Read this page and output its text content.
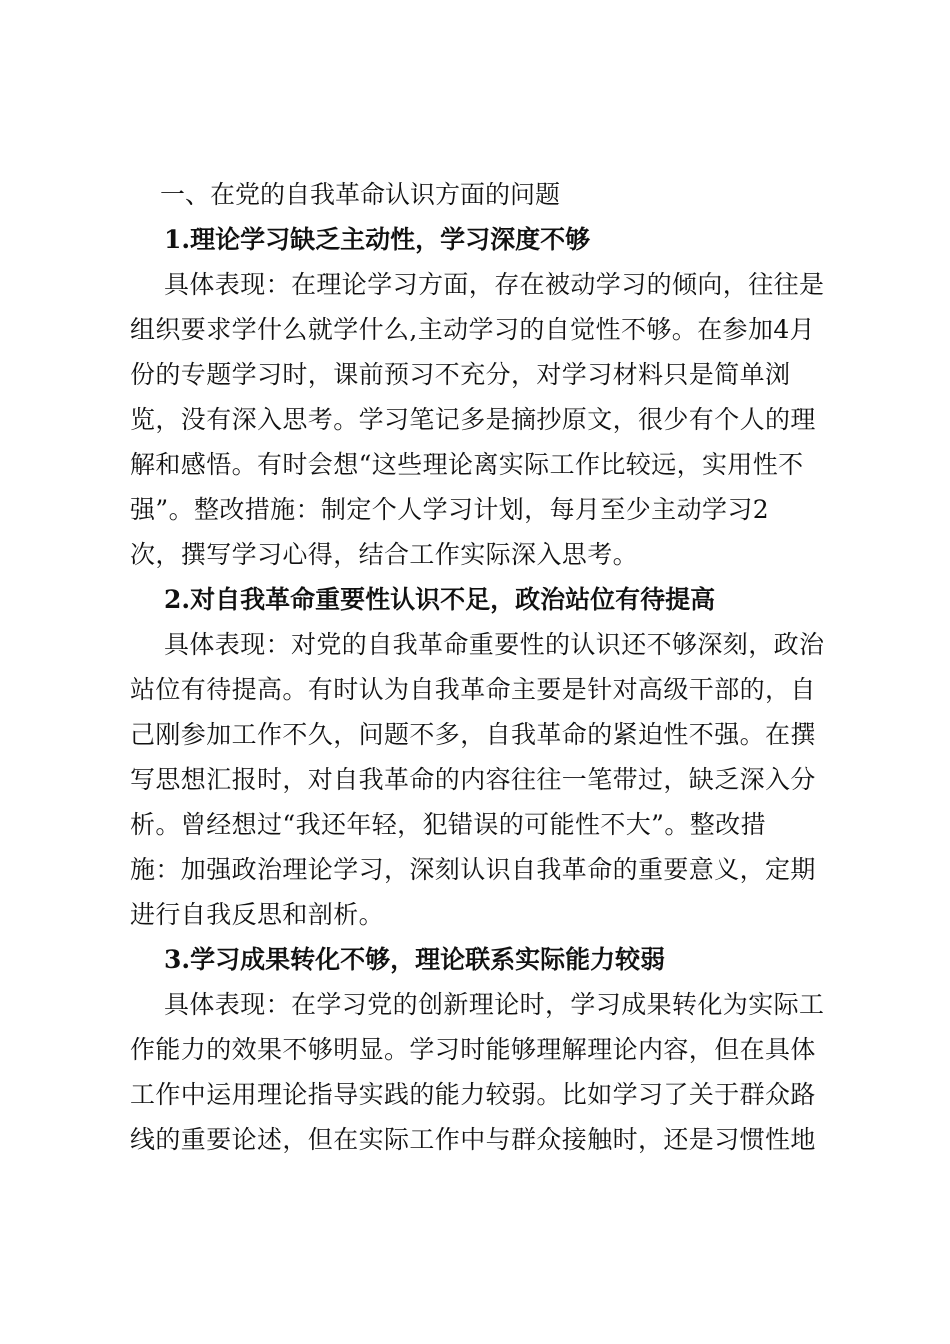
一、在党的自我革命认识方面的问题
1.理论学习缺乏主动性，学习深度不够
具体表现：在理论学习方面，存在被动学习的倾向，往往是
组织要求学什么就学什么,主动学习的自觉性不够。在参加4月
份的专题学习时，课前预习不充分，对学习材料只是简单浏
览，没有深入思考。学习笔记多是摘抄原文，很少有个人的理
解和感悟。有时会想“这些理论离实际工作比较远，实用性不
强”。整改措施：制定个人学习计划，每月至少主动学习2
次，撰写学习心得，结合工作实际深入思考。
2.对自我革命重要性认识不足，政治站位有待提高
具体表现：对党的自我革命重要性的认识还不够深刻，政治
站位有待提高。有时认为自我革命主要是针对高级干部的，自
己刚参加工作不久，问题不多，自我革命的紧迫性不强。在撰
写思想汇报时，对自我革命的内容往往一笔带过，缺乏深入分
析。曾经想过“我还年轻，犯错误的可能性不大”。整改措
施：加强政治理论学习，深刻认识自我革命的重要意义，定期
进行自我反思和剖析。
3.学习成果转化不够，理论联系实际能力较弱
具体表现：在学习党的创新理论时，学习成果转化为实际工
作能力的效果不够明显。学习时能够理解理论内容，但在具体
工作中运用理论指导实践的能力较弱。比如学习了关于群众路
线的重要论述，但在实际工作中与群众接触时，还是习惯性地
